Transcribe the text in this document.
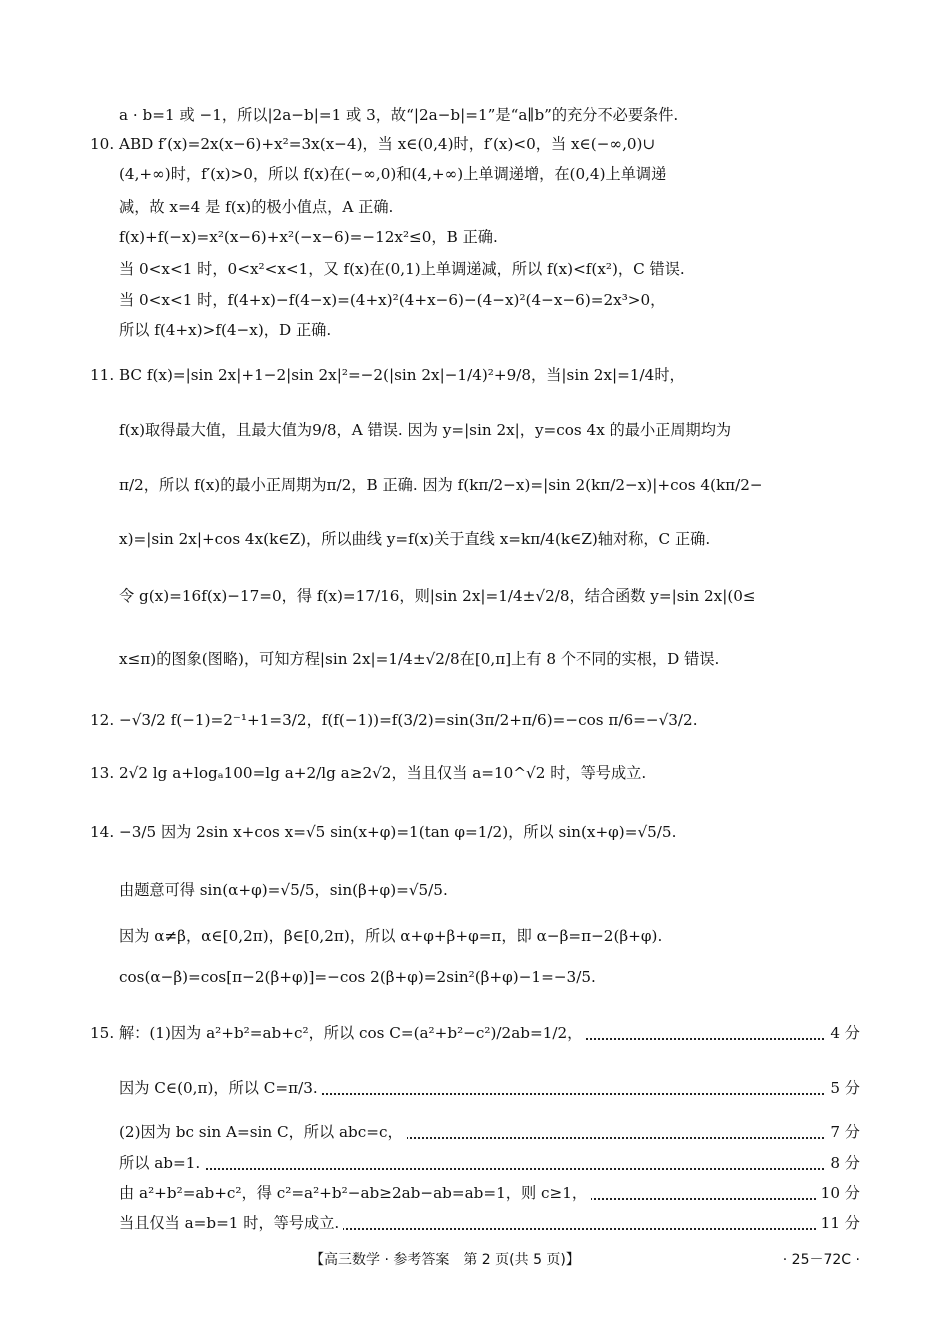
a · b=1 或 −1，所以|2a−b|=1 或 3，故“|2a−b|=1”是“a∥b”的充分不必要条件.
10. ABD f′(x)=2x(x−6)+x²=3x(x−4)，当 x∈(0,4)时，f′(x)<0，当 x∈(−∞,0)∪
(4,+∞)时，f′(x)>0，所以 f(x)在(−∞,0)和(4,+∞)上单调递增，在(0,4)上单调递
减，故 x=4 是 f(x)的极小值点，A 正确.
f(x)+f(−x)=x²(x−6)+x²(−x−6)=−12x²≤0，B 正确.
当 0<x<1 时，0<x²<x<1，又 f(x)在(0,1)上单调递减，所以 f(x)<f(x²)，C 错误.
当 0<x<1 时，f(4+x)−f(4−x)=(4+x)²(4+x−6)−(4−x)²(4−x−6)=2x³>0，
所以 f(4+x)>f(4−x)，D 正确.
11. BC f(x)=|sin 2x|+1−2|sin 2x|²=−2(|sin 2x|−1/4)²+9/8，当|sin 2x|=1/4时，
f(x)取得最大值，且最大值为9/8，A 错误. 因为 y=|sin 2x|，y=cos 4x 的最小正周期均为
π/2，所以 f(x)的最小正周期为π/2，B 正确. 因为 f(kπ/2−x)=|sin 2(kπ/2−x)|+cos 4(kπ/2−
x)=|sin 2x|+cos 4x(k∈Z)，所以曲线 y=f(x)关于直线 x=kπ/4(k∈Z)轴对称，C 正确.
令 g(x)=16f(x)−17=0，得 f(x)=17/16，则|sin 2x|=1/4±√2/8，结合函数 y=|sin 2x|(0≤
x≤π)的图象(图略)，可知方程|sin 2x|=1/4±√2/8在[0,π]上有 8 个不同的实根，D 错误.
12. −√3/2 f(−1)=2⁻¹+1=3/2，f(f(−1))=f(3/2)=sin(3π/2+π/6)=−cos π/6=−√3/2.
13. 2√2 lg a+logₐ100=lg a+2/lg a≥2√2，当且仅当 a=10^√2 时，等号成立.
14. −3/5 因为 2sin x+cos x=√5 sin(x+φ)=1(tan φ=1/2)，所以 sin(x+φ)=√5/5.
由题意可得 sin(α+φ)=√5/5，sin(β+φ)=√5/5.
因为 α≠β，α∈[0,2π)，β∈[0,2π)，所以 α+φ+β+φ=π，即 α−β=π−2(β+φ).
cos(α−β)=cos[π−2(β+φ)]=−cos 2(β+φ)=2sin²(β+φ)−1=−3/5.
15. 解：(1)因为 a²+b²=ab+c²，所以 cos C=(a²+b²−c²)/2ab=1/2，	4 分
因为 C∈(0,π)，所以 C=π/3.	5 分
(2)因为 bc sin A=sin C，所以 abc=c，	7 分
所以 ab=1.	8 分
由 a²+b²=ab+c²，得 c²=a²+b²−ab≥2ab−ab=ab=1，则 c≥1，	10 分
当且仅当 a=b=1 时，等号成立.	11 分
【高三数学 · 参考答案　第 2 页(共 5 页)】	· 25－72C ·
